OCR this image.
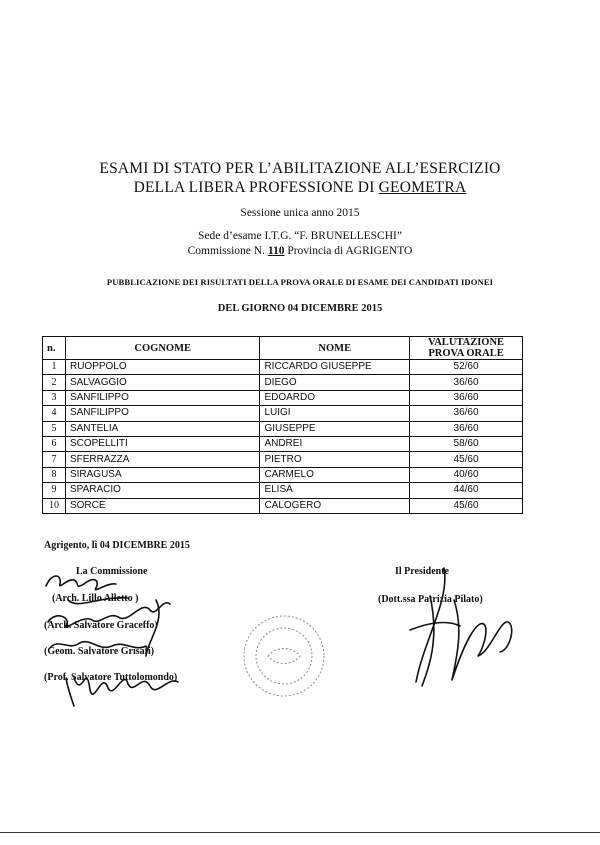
ESAMI DI STATO PER L’ABILITAZIONE ALL’ESERCIZIO
DELLA LIBERA PROFESSIONE DI GEOMETRA
Sessione unica anno 2015
Sede d’esame I.T.G. “F. BRUNELLESCHI”
Commissione N. 110 Provincia di AGRIGENTO
PUBBLICAZIONE DEI RISULTATI DELLA PROVA ORALE DI ESAME DEI CANDIDATI IDONEI
DEL GIORNO 04 DICEMBRE 2015
n.	COGNOME	NOME	VALUTAZIONE PROVA ORALE
1	RUOPPOLO	RICCARDO GIUSEPPE	52/60
2	SALVAGGIO	DIEGO	36/60
3	SANFILIPPO	EDOARDO	36/60
4	SANFILIPPO	LUIGI	36/60
5	SANTELIA	GIUSEPPE	36/60
6	SCOPELLITI	ANDREI	58/60
7	SFERRAZZA	PIETRO	45/60
8	SIRAGUSA	CARMELO	40/60
9	SPARACIO	ELISA	44/60
10	SORCE	CALOGERO	45/60
Agrigento, lì 04 DICEMBRE 2015
La Commissione
(Arch. Lillo Alletto )
(Arch. Salvatore Graceffo)
(Geom. Salvatore Grisafi)
(Prof. Salvatore Tuttolomondo)
Il Presidente
(Dott.ssa Patrizia Pilato)
